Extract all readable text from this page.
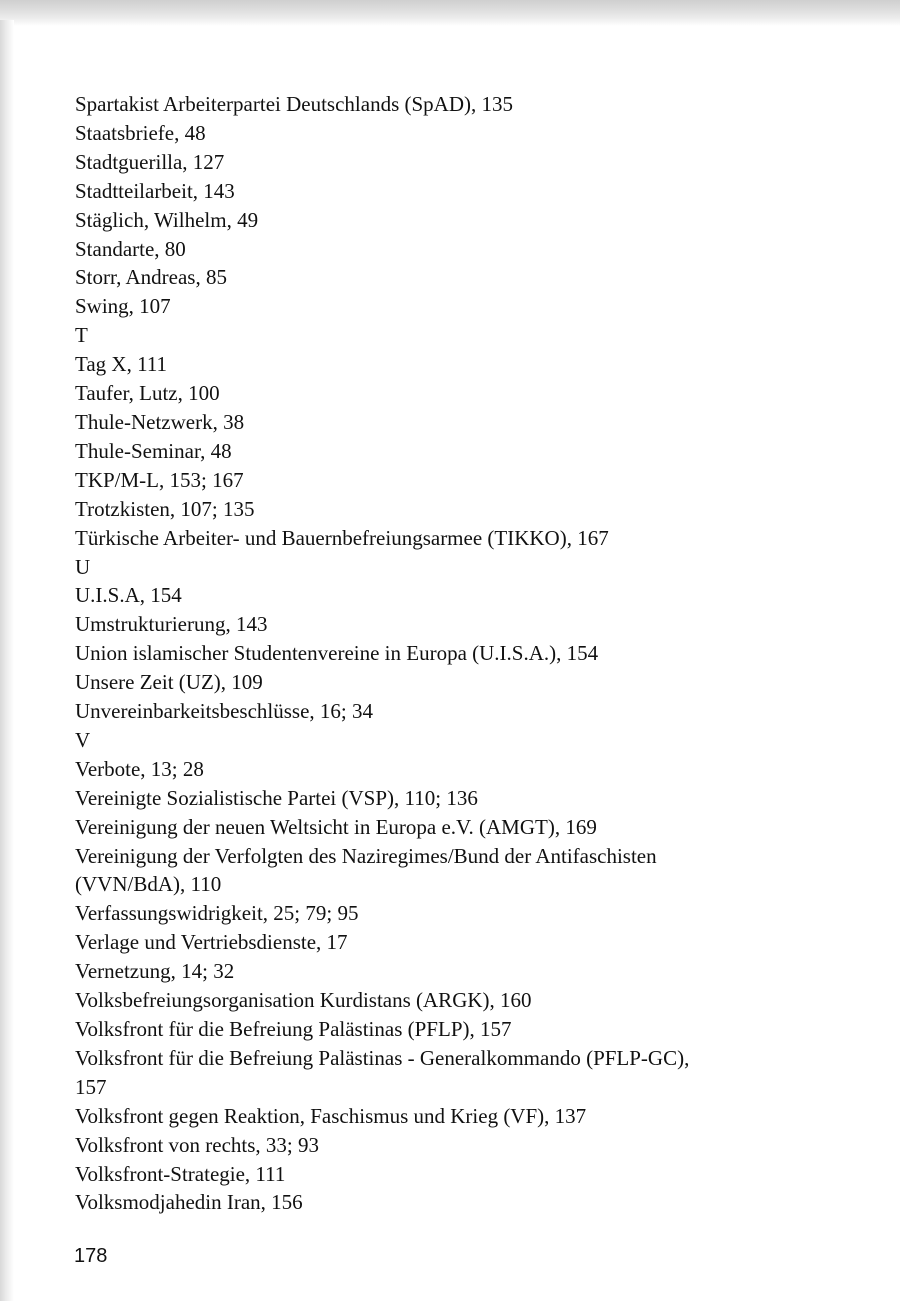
Spartakist Arbeiterpartei Deutschlands (SpAD), 135
Staatsbriefe, 48
Stadtguerilla, 127
Stadtteilarbeit, 143
Stäglich, Wilhelm, 49
Standarte, 80
Storr, Andreas, 85
Swing, 107
T
Tag X, 111
Taufer, Lutz, 100
Thule-Netzwerk, 38
Thule-Seminar, 48
TKP/M-L, 153; 167
Trotzkisten, 107; 135
Türkische Arbeiter- und Bauernbefreiungsarmee (TIKKO), 167
U
U.I.S.A, 154
Umstrukturierung, 143
Union islamischer Studentenvereine in Europa (U.I.S.A.), 154
Unsere Zeit (UZ), 109
Unvereinbarkeitsbeschlüsse, 16; 34
V
Verbote, 13; 28
Vereinigte Sozialistische Partei (VSP), 110; 136
Vereinigung der neuen Weltsicht in Europa e.V. (AMGT), 169
Vereinigung der Verfolgten des Naziregimes/Bund der Antifaschisten
(VVN/BdA), 110
Verfassungswidrigkeit, 25; 79; 95
Verlage und Vertriebsdienste, 17
Vernetzung, 14; 32
Volksbefreiungsorganisation Kurdistans (ARGK), 160
Volksfront für die Befreiung Palästinas (PFLP), 157
Volksfront für die Befreiung Palästinas - Generalkommando (PFLP-GC),
157
Volksfront gegen Reaktion, Faschismus und Krieg (VF), 137
Volksfront von rechts, 33; 93
Volksfront-Strategie, 111
Volksmodjahedin Iran, 156
178
